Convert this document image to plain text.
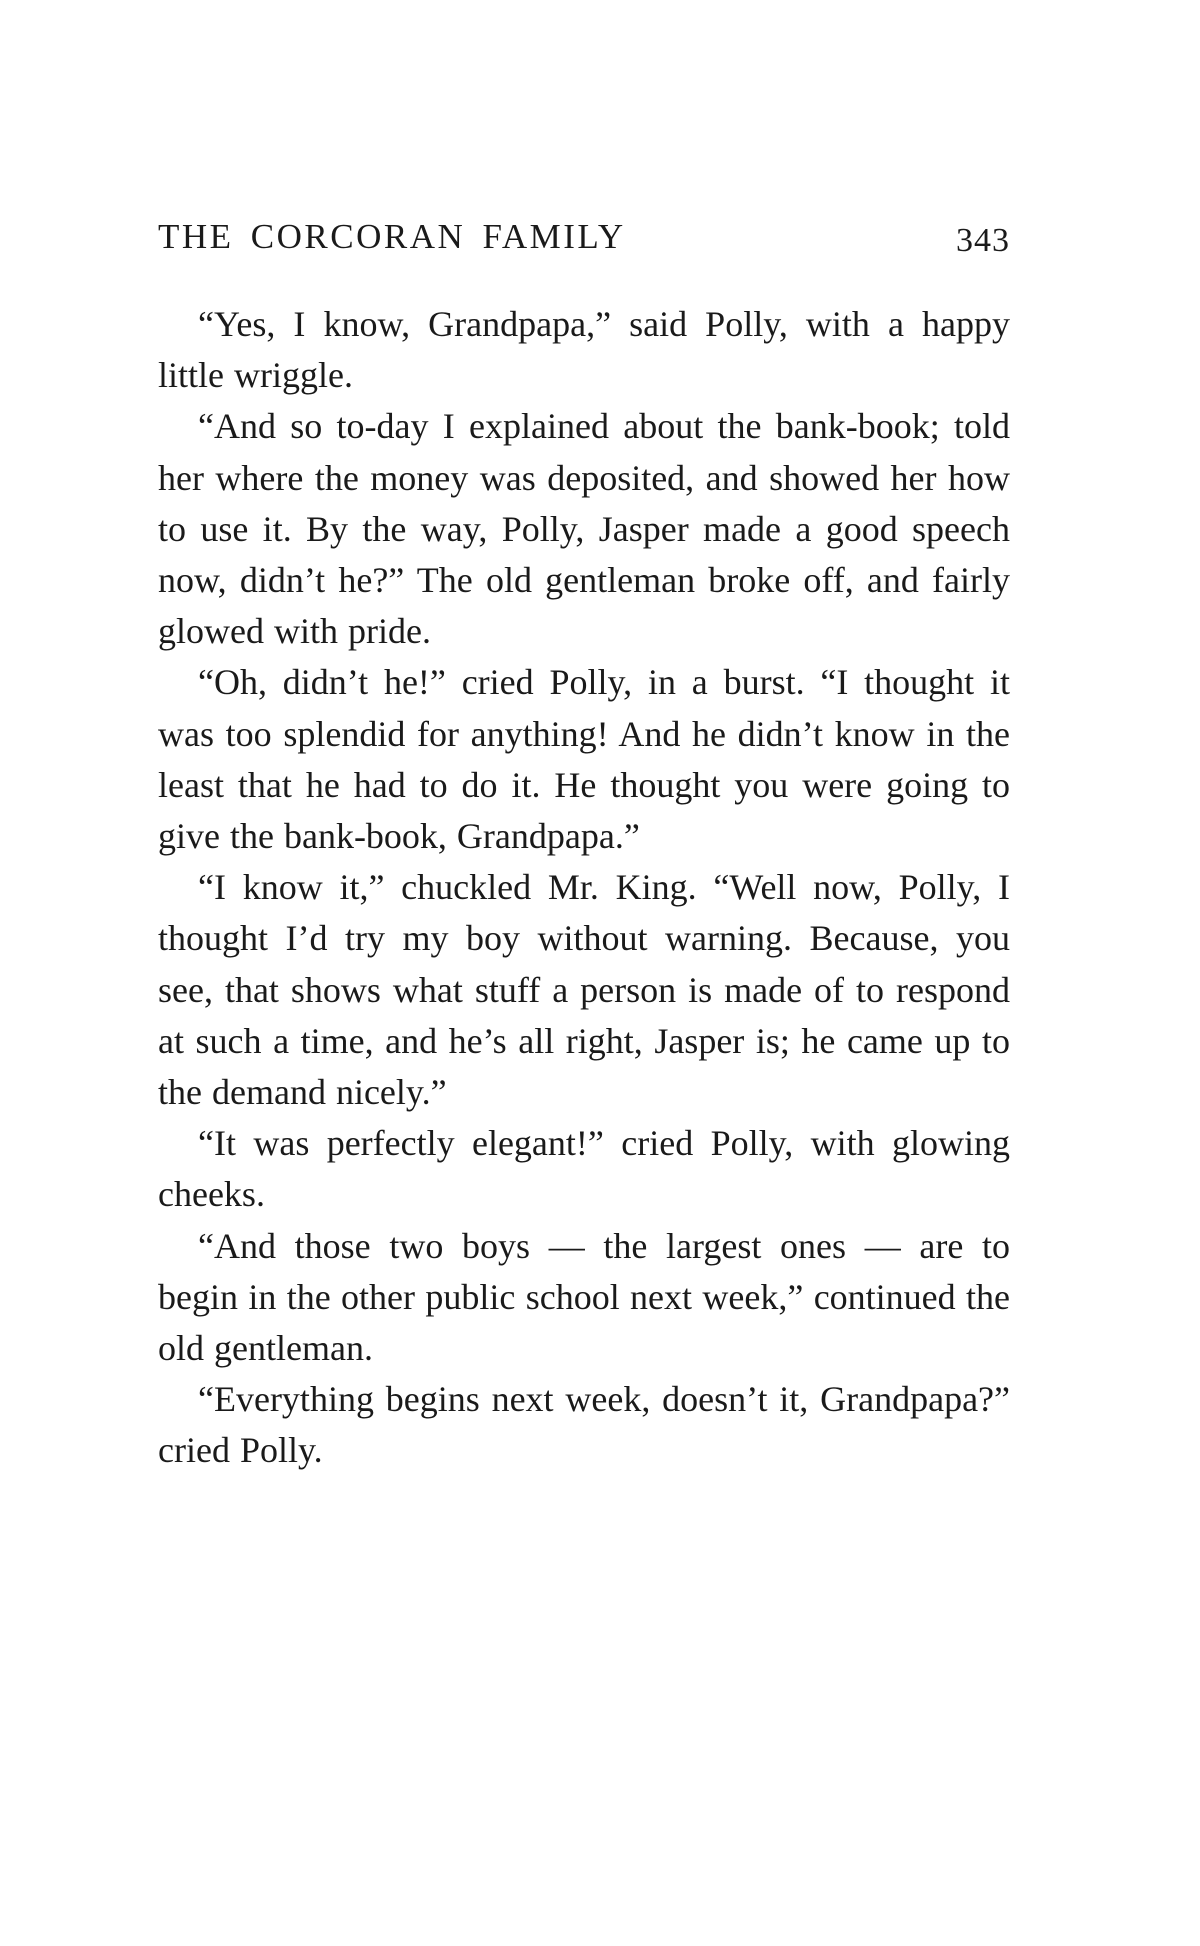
THE CORCORAN FAMILY	343

“Yes, I know, Grandpapa,” said Polly, with a happy little wriggle.

“And so to-day I explained about the bank-book; told her where the money was deposited, and showed her how to use it. By the way, Polly, Jasper made a good speech now, didn’t he?” The old gentleman broke off, and fairly glowed with pride.

“Oh, didn’t he!” cried Polly, in a burst. “I thought it was too splendid for anything! And he didn’t know in the least that he had to do it. He thought you were going to give the bank-book, Grandpapa.”

“I know it,” chuckled Mr. King. “Well now, Polly, I thought I’d try my boy without warning. Because, you see, that shows what stuff a person is made of to respond at such a time, and he’s all right, Jasper is; he came up to the demand nicely.”

“It was perfectly elegant!” cried Polly, with glowing cheeks.

“And those two boys — the largest ones — are to begin in the other public school next week,” continued the old gentleman.

“Everything begins next week, doesn’t it, Grandpapa?” cried Polly.
